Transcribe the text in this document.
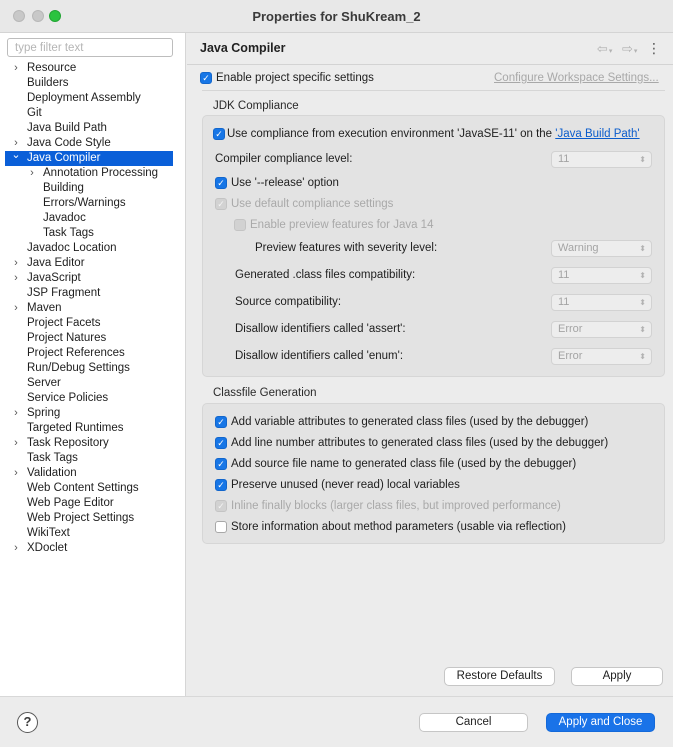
Properties for ShuKream_2
type filter text
› Resource
Builders
Deployment Assembly
Git
Java Build Path
› Java Code Style
⌄ Java Compiler
› Annotation Processing
Building
Errors/Warnings
Javadoc
Task Tags
Javadoc Location
› Java Editor
› JavaScript
JSP Fragment
› Maven
Project Facets
Project Natures
Project References
Run/Debug Settings
Server
Service Policies
› Spring
Targeted Runtimes
› Task Repository
Task Tags
› Validation
Web Content Settings
Web Page Editor
Web Project Settings
WikiText
› XDoclet
Java Compiler	⇦▾ ⇨▾ ⋮
✓ Enable project specific settings	Configure Workspace Settings...
JDK Compliance
✓ Use compliance from execution environment 'JavaSE-11' on the
'Java Build Path'
Compiler compliance level:	11	⬍
✓ Use '--release' option
✓ Use default compliance settings
Enable preview features for Java 14
Preview features with severity level:	Warning	⬍
Generated .class files compatibility:	11	⬍
Source compatibility:	11	⬍
Disallow identifiers called 'assert':	Error	⬍
Disallow identifiers called 'enum':	Error	⬍
Classfile Generation
✓ Add variable attributes to generated class files (used by the debugger)
✓ Add line number attributes to generated class files (used by the debugger)
✓ Add source file name to generated class file (used by the debugger)
✓ Preserve unused (never read) local variables
✓ Inline finally blocks (larger class files, but improved performance)
Store information about method parameters (usable via reflection)
Restore Defaults	Apply
?	Cancel	Apply and Close
